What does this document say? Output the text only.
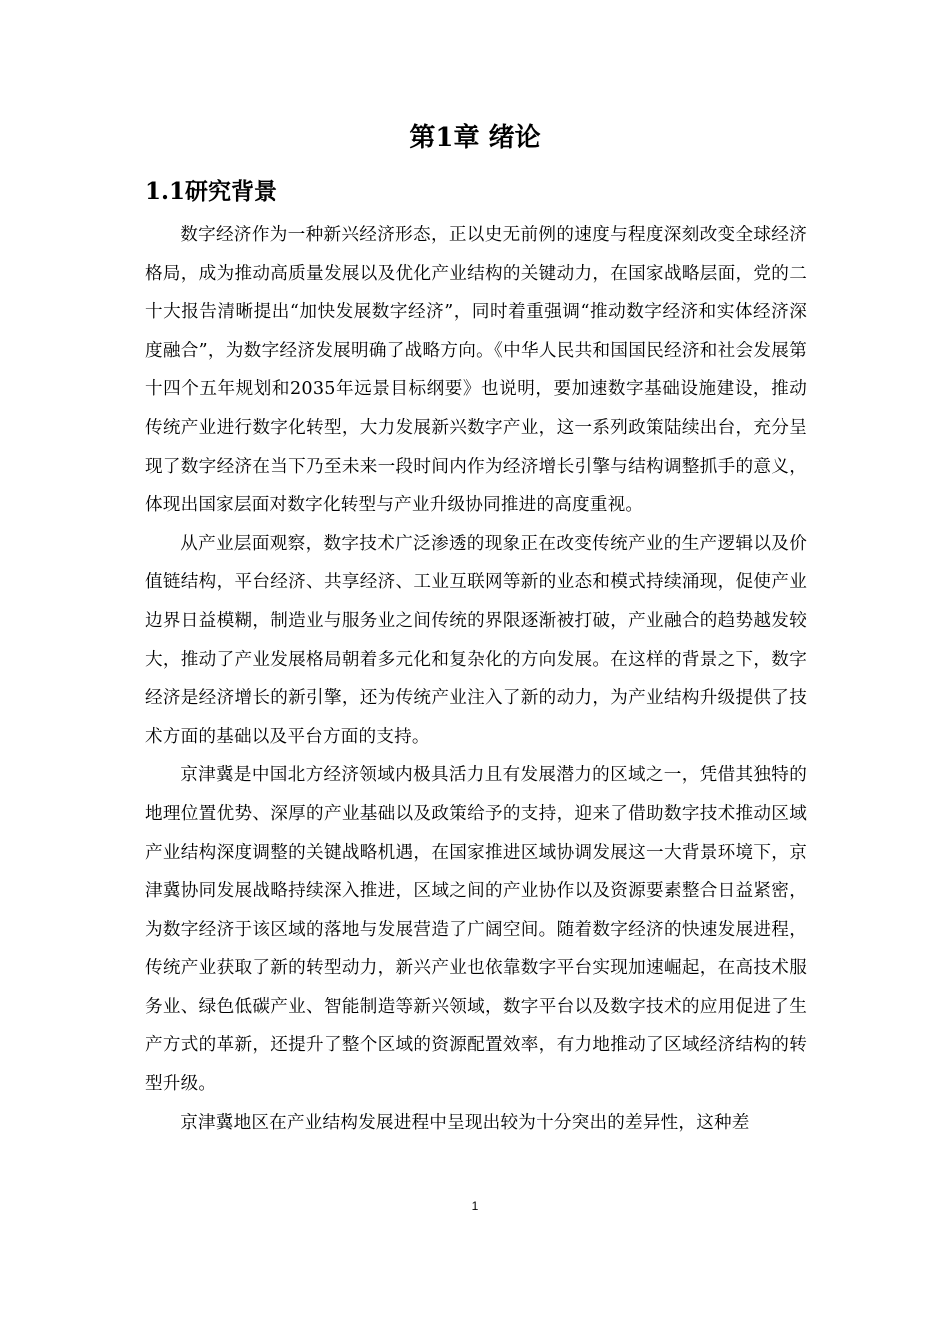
第1章 绪论
1.1研究背景

数字经济作为一种新兴经济形态，正以史无前例的速度与程度深刻改变全球经济格局，成为推动高质量发展以及优化产业结构的关键动力，在国家战略层面，党的二十大报告清晰提出“加快发展数字经济”，同时着重强调“推动数字经济和实体经济深度融合”，为数字经济发展明确了战略方向。《中华人民共和国国民经济和社会发展第十四个五年规划和2035年远景目标纲要》也说明，要加速数字基础设施建设，推动传统产业进行数字化转型，大力发展新兴数字产业，这一系列政策陆续出台，充分呈现了数字经济在当下乃至未来一段时间内作为经济增长引擎与结构调整抓手的意义，体现出国家层面对数字化转型与产业升级协同推进的高度重视。

从产业层面观察，数字技术广泛渗透的现象正在改变传统产业的生产逻辑以及价值链结构，平台经济、共享经济、工业互联网等新的业态和模式持续涌现，促使产业边界日益模糊，制造业与服务业之间传统的界限逐渐被打破，产业融合的趋势越发较大，推动了产业发展格局朝着多元化和复杂化的方向发展。在这样的背景之下，数字经济是经济增长的新引擎，还为传统产业注入了新的动力，为产业结构升级提供了技术方面的基础以及平台方面的支持。

京津冀是中国北方经济领域内极具活力且有发展潜力的区域之一，凭借其独特的地理位置优势、深厚的产业基础以及政策给予的支持，迎来了借助数字技术推动区域产业结构深度调整的关键战略机遇，在国家推进区域协调发展这一大背景环境下，京津冀协同发展战略持续深入推进，区域之间的产业协作以及资源要素整合日益紧密，为数字经济于该区域的落地与发展营造了广阔空间。随着数字经济的快速发展进程，传统产业获取了新的转型动力，新兴产业也依靠数字平台实现加速崛起，在高技术服务业、绿色低碳产业、智能制造等新兴领域，数字平台以及数字技术的应用促进了生产方式的革新，还提升了整个区域的资源配置效率，有力地推动了区域经济结构的转型升级。

京津冀地区在产业结构发展进程中呈现出较为十分突出的差异性，这种差

1
